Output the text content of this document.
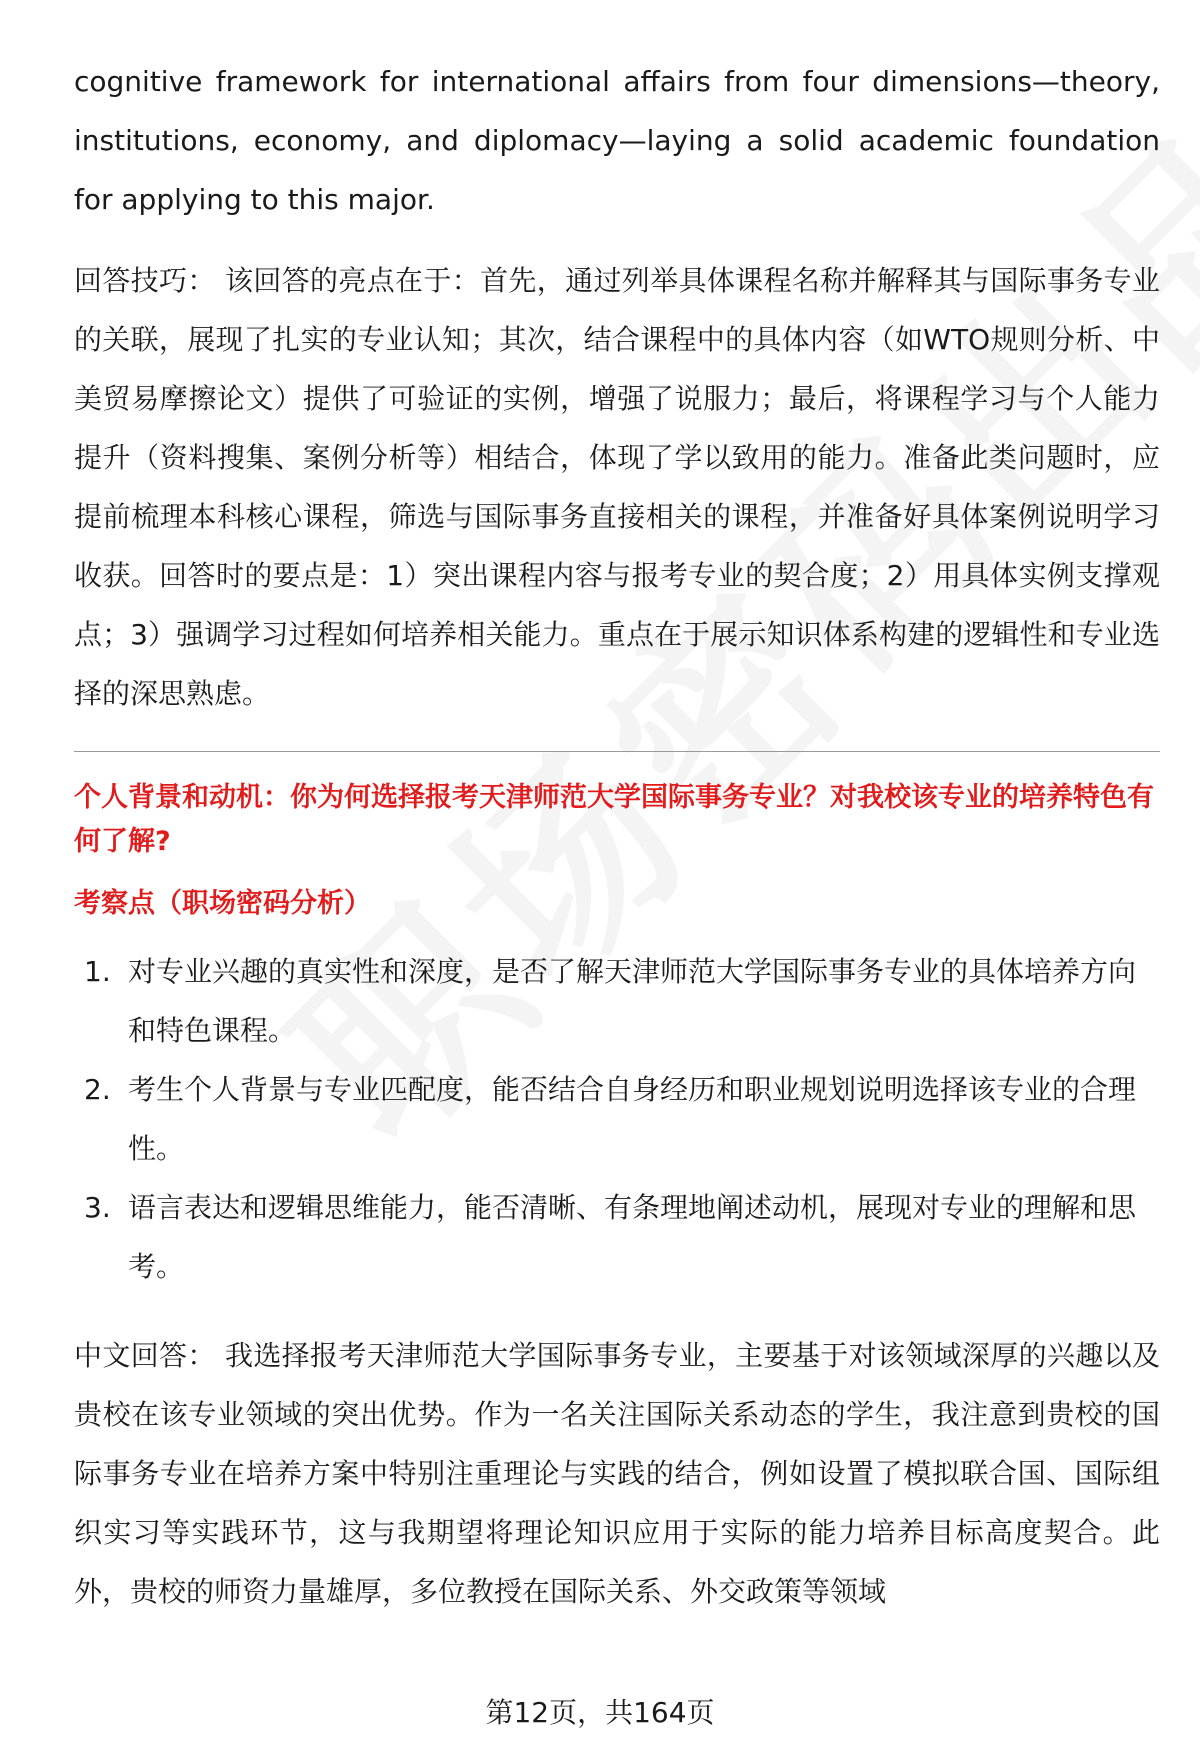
cognitive framework for international affairs from four dimensions—theory, institutions, economy, and diplomacy—laying a solid academic foundation for applying to this major.

回答技巧： 该回答的亮点在于：首先，通过列举具体课程名称并解释其与国际事务专业的关联，展现了扎实的专业认知；其次，结合课程中的具体内容（如WTO规则分析、中美贸易摩擦论文）提供了可验证的实例，增强了说服力；最后，将课程学习与个人能力提升（资料搜集、案例分析等）相结合，体现了学以致用的能力。准备此类问题时，应提前梳理本科核心课程，筛选与国际事务直接相关的课程，并准备好具体案例说明学习收获。回答时的要点是：1）突出课程内容与报考专业的契合度；2）用具体实例支撑观点；3）强调学习过程如何培养相关能力。重点在于展示知识体系构建的逻辑性和专业选择的深思熟虑。

个人背景和动机：你为何选择报考天津师范大学国际事务专业？对我校该专业的培养特色有何了解?

考察点（职场密码分析）

1. 对专业兴趣的真实性和深度，是否了解天津师范大学国际事务专业的具体培养方向和特色课程。
2. 考生个人背景与专业匹配度，能否结合自身经历和职业规划说明选择该专业的合理性。
3. 语言表达和逻辑思维能力，能否清晰、有条理地阐述动机，展现对专业的理解和思考。

中文回答： 我选择报考天津师范大学国际事务专业，主要基于对该领域深厚的兴趣以及贵校在该专业领域的突出优势。作为一名关注国际关系动态的学生，我注意到贵校的国际事务专业在培养方案中特别注重理论与实践的结合，例如设置了模拟联合国、国际组织实习等实践环节，这与我期望将理论知识应用于实际的能力培养目标高度契合。此外，贵校的师资力量雄厚，多位教授在国际关系、外交政策等领域

第12页，共164页
